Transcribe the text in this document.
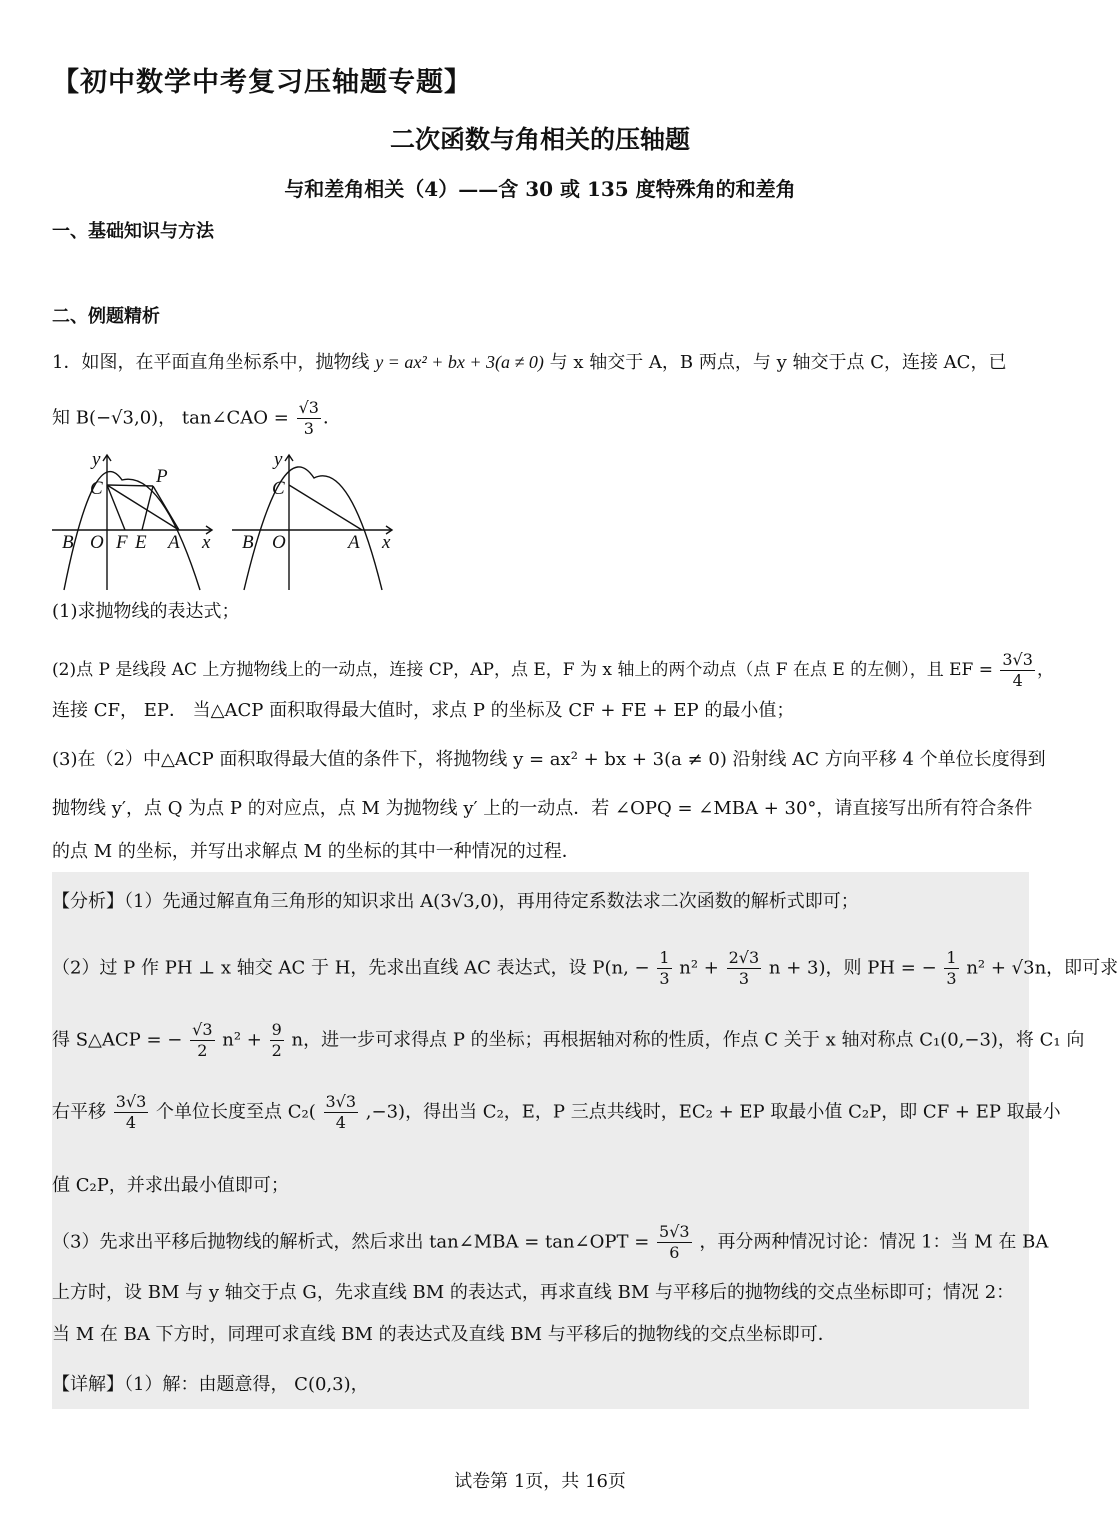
【初中数学中考复习压轴题专题】
二次函数与角相关的压轴题
与和差角相关（4）——含 30 或 135 度特殊角的和差角
一、基础知识与方法
二、例题精析
1．如图，在平面直角坐标系中，抛物线 y = ax² + bx + 3(a ≠ 0) 与 x 轴交于 A，B 两点，与 y 轴交于点 C，连接 AC，已
知 B(−√3,0)， tan∠CAO = $\frac{√3}{3}$ ．
y
C
P
B O F E A x
y
C
B O	A x
(1)求抛物线的表达式；
(2)点 P 是线段 AC 上方抛物线上的一动点，连接 CP，AP，点 E，F 为 x 轴上的两个动点（点 F 在点 E 的左侧），且 EF = $\frac{3√3}{4}$ ，
连接 CF， EP． 当△ACP 面积取得最大值时，求点 P 的坐标及 CF + FE + EP 的最小值；
(3)在（2）中△ACP 面积取得最大值的条件下，将抛物线 y = ax² + bx + 3(a ≠ 0) 沿射线 AC 方向平移 4 个单位长度得到
抛物线 y′，点 Q 为点 P 的对应点，点 M 为抛物线 y′ 上的一动点．若 ∠OPQ = ∠MBA + 30°，请直接写出所有符合条件
的点 M 的坐标，并写出求解点 M 的坐标的其中一种情况的过程．
【分析】（1）先通过解直角三角形的知识求出 A(3√3,0)，再用待定系数法求二次函数的解析式即可；
（2）过 P 作 PH ⊥ x 轴交 AC 于 H，先求出直线 AC 表达式，设 P(n, − $\frac{1}{3} n^2 + \frac{2√3}{3}$ n + 3)，则 PH = − $\frac{1}{3} n^2 + √3n$，即可求
得 S△ACP = − $\frac{√3}{2} n^2 + \frac{9}{2}$ n，进一步可求得点 P 的坐标；再根据轴对称的性质，作点 C 关于 x 轴对称点 C₁(0,−3)，将 C₁ 向
右平移 $\frac{3√3}{4}$ 个单位长度至点 $C_2( \frac{3√3}{4} ,-3)$，得出当 C₂，E，P 三点共线时，EC₂ + EP 取最小值 C₂P，即 CF + EP 取最小
值 C₂P，并求出最小值即可；
（3）先求出平移后抛物线的解析式，然后求出 tan∠MBA = tan∠OPT = $\frac{5√3}{6}$ ，再分两种情况讨论：情况 1：当 M 在 BA
上方时，设 BM 与 y 轴交于点 G，先求直线 BM 的表达式，再求直线 BM 与平移后的抛物线的交点坐标即可；情况 2：
当 M 在 BA 下方时，同理可求直线 BM 的表达式及直线 BM 与平移后的抛物线的交点坐标即可．
【详解】（1）解：由题意得， C(0,3)，
试卷第 1页，共 16页
